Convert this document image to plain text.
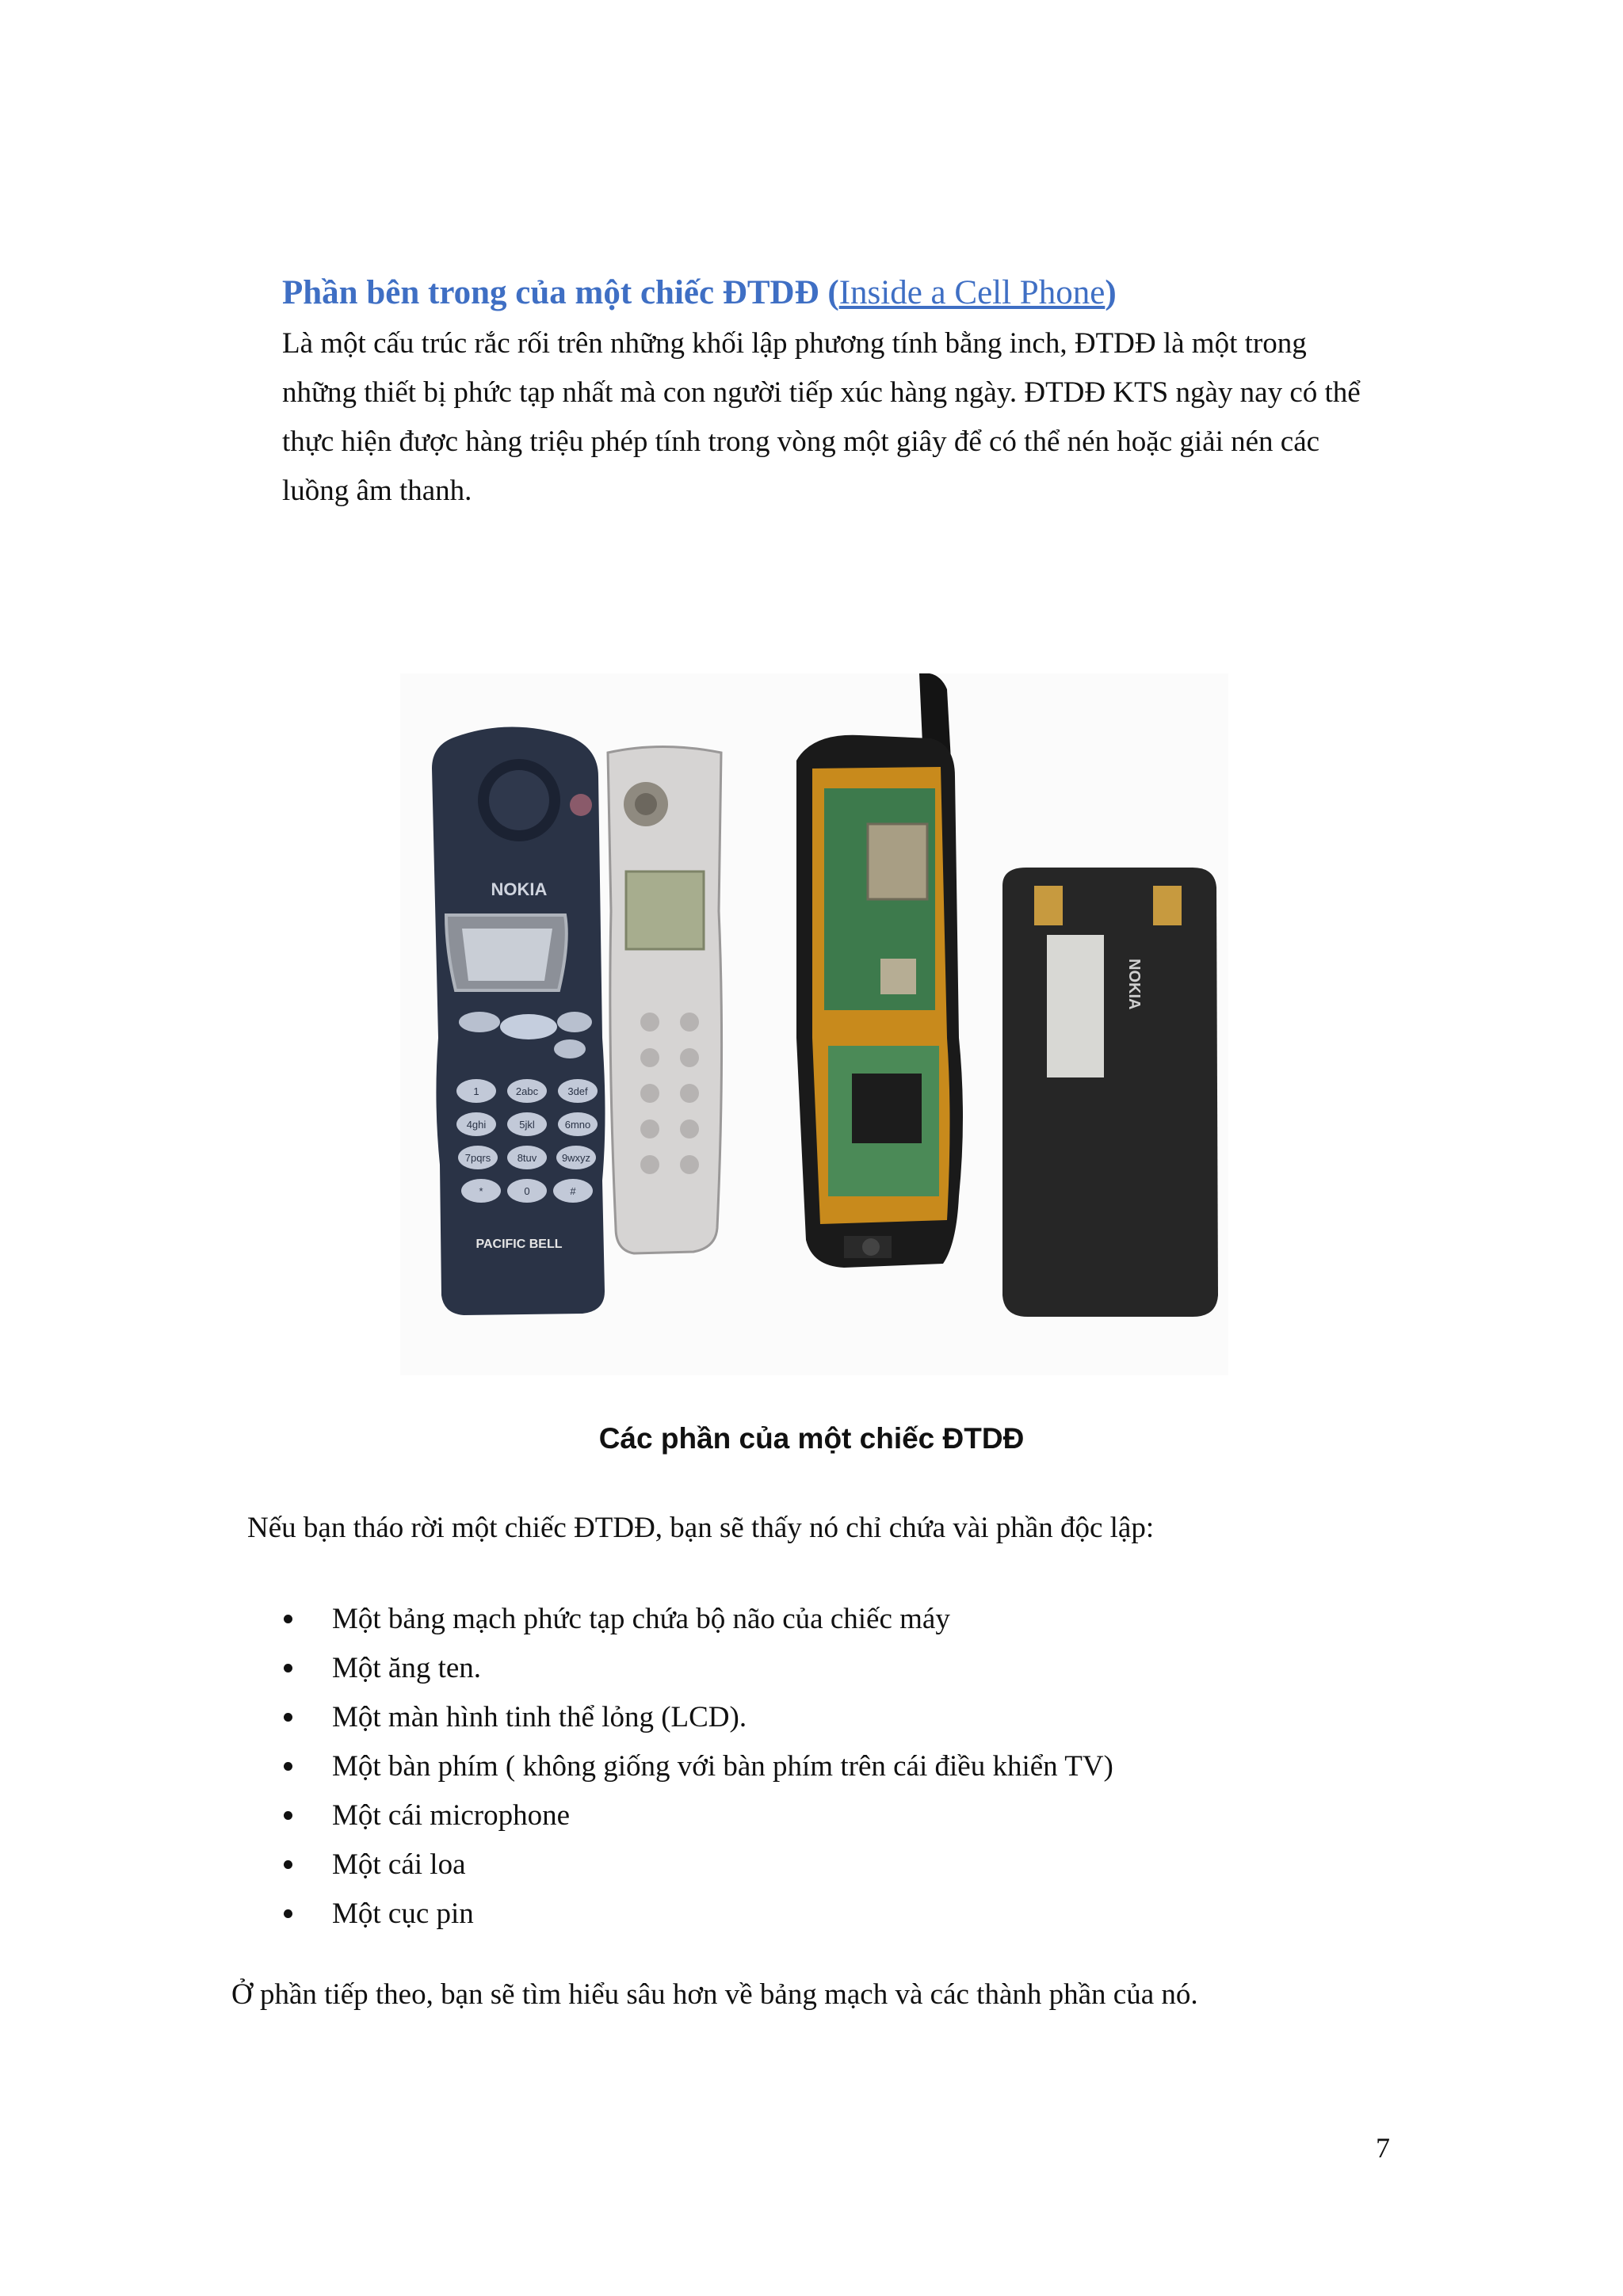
Phần bên trong của một chiếc ĐTDĐ (Inside a Cell Phone)

Là một cấu trúc rắc rối trên những khối lập phương tính bằng inch, ĐTDĐ là một trong

những thiết bị phức tạp nhất mà con người tiếp xúc hàng ngày. ĐTDĐ KTS ngày nay có thể

thực hiện được hàng triệu phép tính trong vòng một giây để có thể nén hoặc giải nén các

luồng âm thanh.

NOKIA
1	2abc	3def
4ghi	5jkl	6mno
7pqrs	8tuv 9wxyz
*	0	#
PACIFIC BELL
NOKIA
Các phần của một chiếc ĐTDĐ
Nếu bạn tháo rời một chiếc ĐTDĐ, bạn sẽ thấy nó chỉ chứa vài phần độc lập:
Một bảng mạch phức tạp chứa bộ não của chiếc máy
Một ăng ten.
Một màn hình tinh thể lỏng (LCD).
Một bàn phím ( không giống với bàn phím trên cái điều khiển TV)
Một cái microphone
Một cái loa
Một cục pin
Ở phần tiếp theo, bạn sẽ tìm hiểu sâu hơn về bảng mạch và các thành phần của nó.
7
